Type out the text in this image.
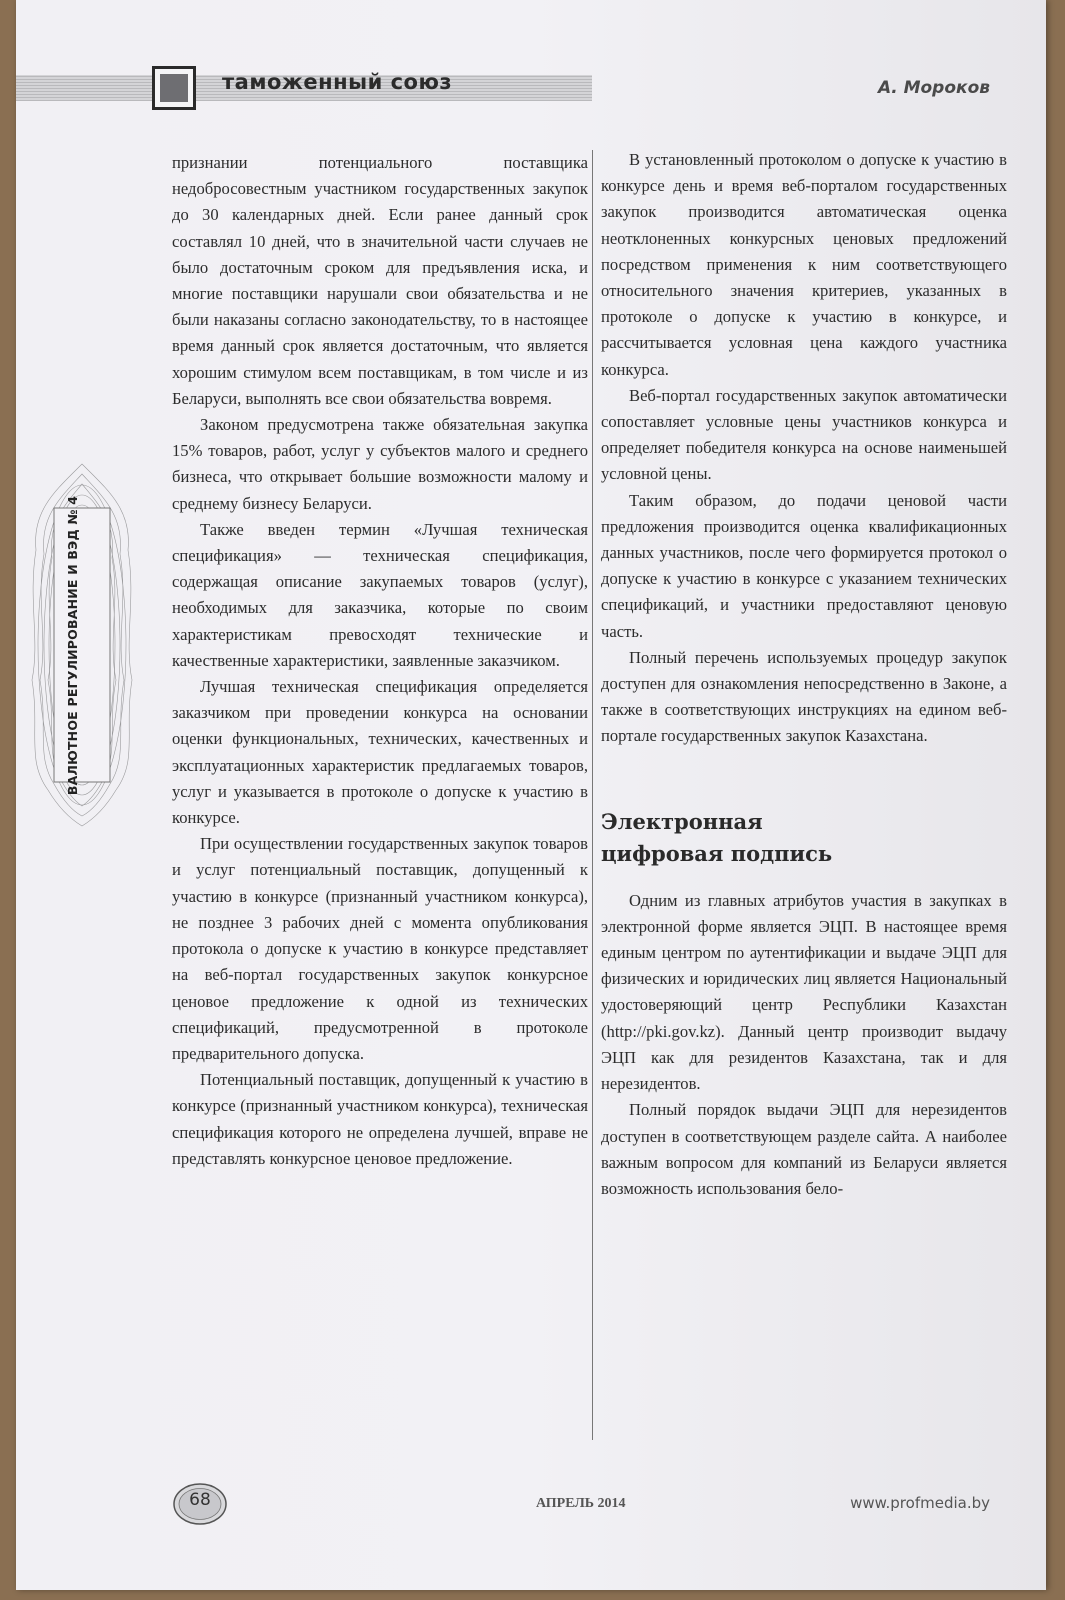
таможенный союз	А. Мороков
ВАЛЮТНОЕ РЕГУЛИРОВАНИЕ И ВЭД № 4

признании потенциального поставщика недобросовестным участником государственных закупок до 30 календарных дней. Если ранее данный срок составлял 10 дней, что в значительной части случаев не было достаточным сроком для предъявления иска, и многие поставщики нарушали свои обязательства и не были наказаны согласно законодательству, то в настоящее время данный срок является достаточным, что является хорошим стимулом всем поставщикам, в том числе и из Беларуси, выполнять все свои обязательства вовремя.

Законом предусмотрена также обязательная закупка 15% товаров, работ, услуг у субъектов малого и среднего бизнеса, что открывает большие возможности малому и среднему бизнесу Беларуси.

Также введен термин «Лучшая техническая спецификация» — техническая спецификация, содержащая описание закупаемых товаров (услуг), необходимых для заказчика, которые по своим характеристикам превосходят технические и качественные характеристики, заявленные заказчиком.

Лучшая техническая спецификация определяется заказчиком при проведении конкурса на основании оценки функциональных, технических, качественных и эксплуатационных характеристик предлагаемых товаров, услуг и указывается в протоколе о допуске к участию в конкурсе.

При осуществлении государственных закупок товаров и услуг потенциальный поставщик, допущенный к участию в конкурсе (признанный участником конкурса), не позднее 3 рабочих дней с момента опубликования протокола о допуске к участию в конкурсе представляет на веб-портал государственных закупок конкурсное ценовое предложение к одной из технических спецификаций, предусмотренной в протоколе предварительного допуска.

Потенциальный поставщик, допущенный к участию в конкурсе (признанный участником конкурса), техническая спецификация которого не определена лучшей, вправе не представлять конкурсное ценовое предложение.

В установленный протоколом о допуске к участию в конкурсе день и время веб-порталом государственных закупок производится автоматическая оценка неотклоненных конкурсных ценовых предложений посредством применения к ним соответствующего относительного значения критериев, указанных в протоколе о допуске к участию в конкурсе, и рассчитывается условная цена каждого участника конкурса.

Веб-портал государственных закупок автоматически сопоставляет условные цены участников конкурса и определяет победителя конкурса на основе наименьшей условной цены.

Таким образом, до подачи ценовой части предложения производится оценка квалификационных данных участников, после чего формируется протокол о допуске к участию в конкурсе с указанием технических спецификаций, и участники предоставляют ценовую часть.

Полный перечень используемых процедур закупок доступен для ознакомления непосредственно в Законе, а также в соответствующих инструкциях на едином веб-портале государственных закупок Казахстана.

Электронная
цифровая подпись

Одним из главных атрибутов участия в закупках в электронной форме является ЭЦП. В настоящее время единым центром по аутентификации и выдаче ЭЦП для физических и юридических лиц является Национальный удостоверяющий центр Республики Казахстан (http://pki.gov.kz). Данный центр производит выдачу ЭЦП как для резидентов Казахстана, так и для нерезидентов.

Полный порядок выдачи ЭЦП для нерезидентов доступен в соответствующем разделе сайта. А наиболее важным вопросом для компаний из Беларуси является возможность использования бело-

68	АПРЕЛЬ 2014	www.profmedia.by
